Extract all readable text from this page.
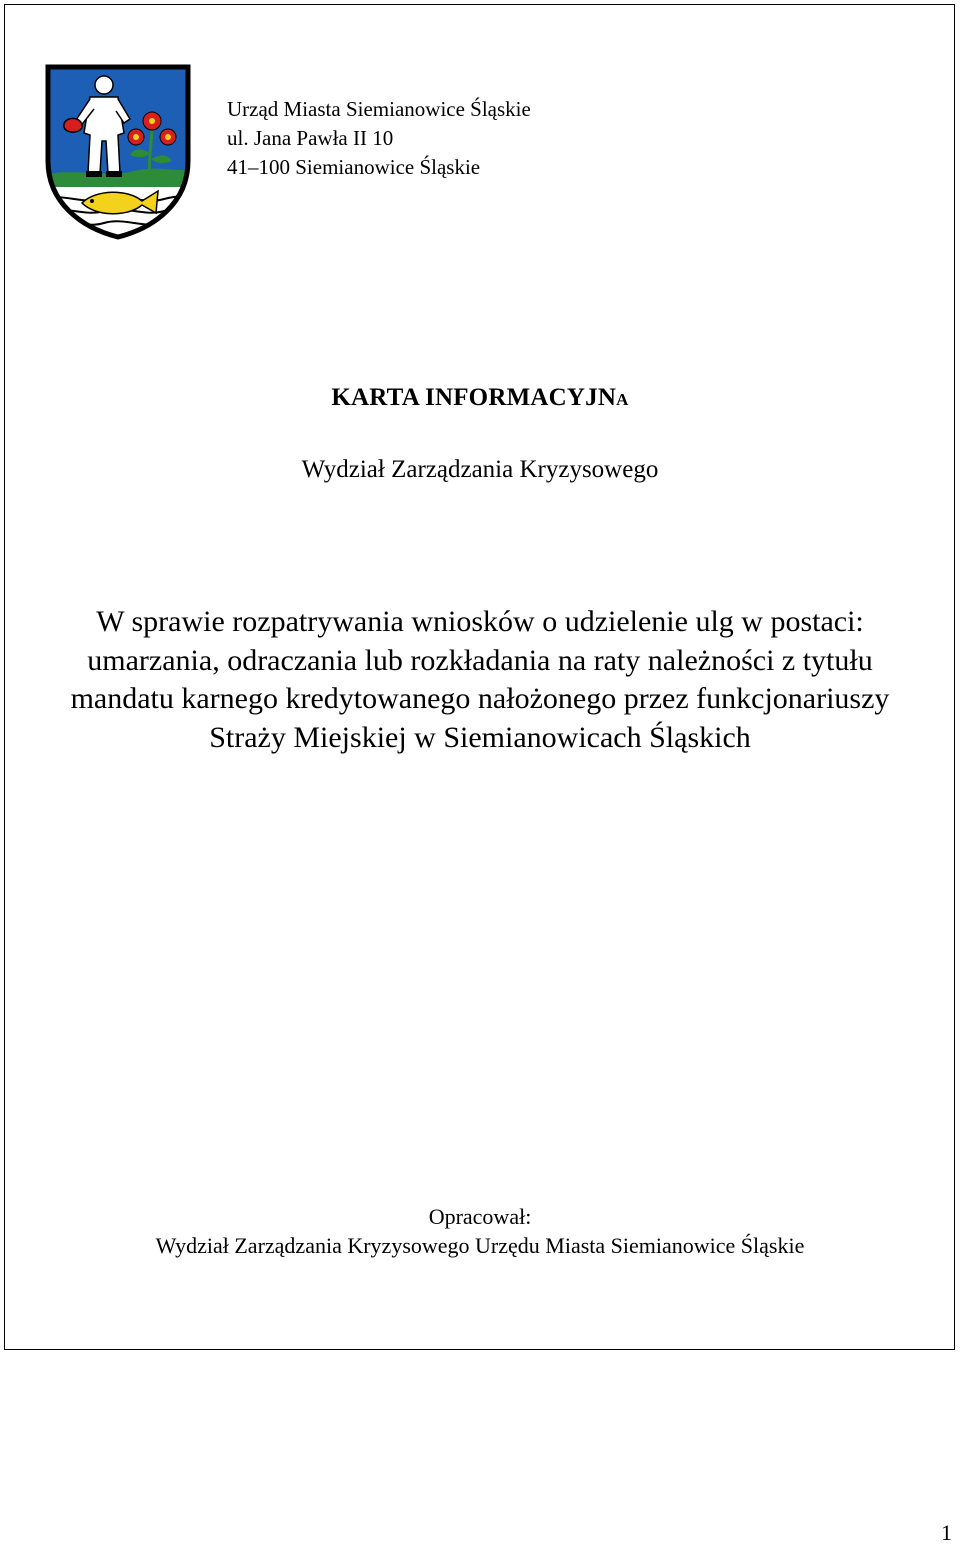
Urząd Miasta Siemianowice Śląskie
ul. Jana Pawła II 10
41–100 Siemianowice Śląskie
KARTA INFORMACYJNA
Wydział Zarządzania Kryzysowego
W sprawie rozpatrywania wniosków o udzielenie ulg w postaci:
umarzania, odraczania lub rozkładania na raty należności z tytułu
mandatu karnego kredytowanego nałożonego przez funkcjonariuszy
Straży Miejskiej w Siemianowicach Śląskich
Opracował:
Wydział Zarządzania Kryzysowego Urzędu Miasta Siemianowice Śląskie
1
